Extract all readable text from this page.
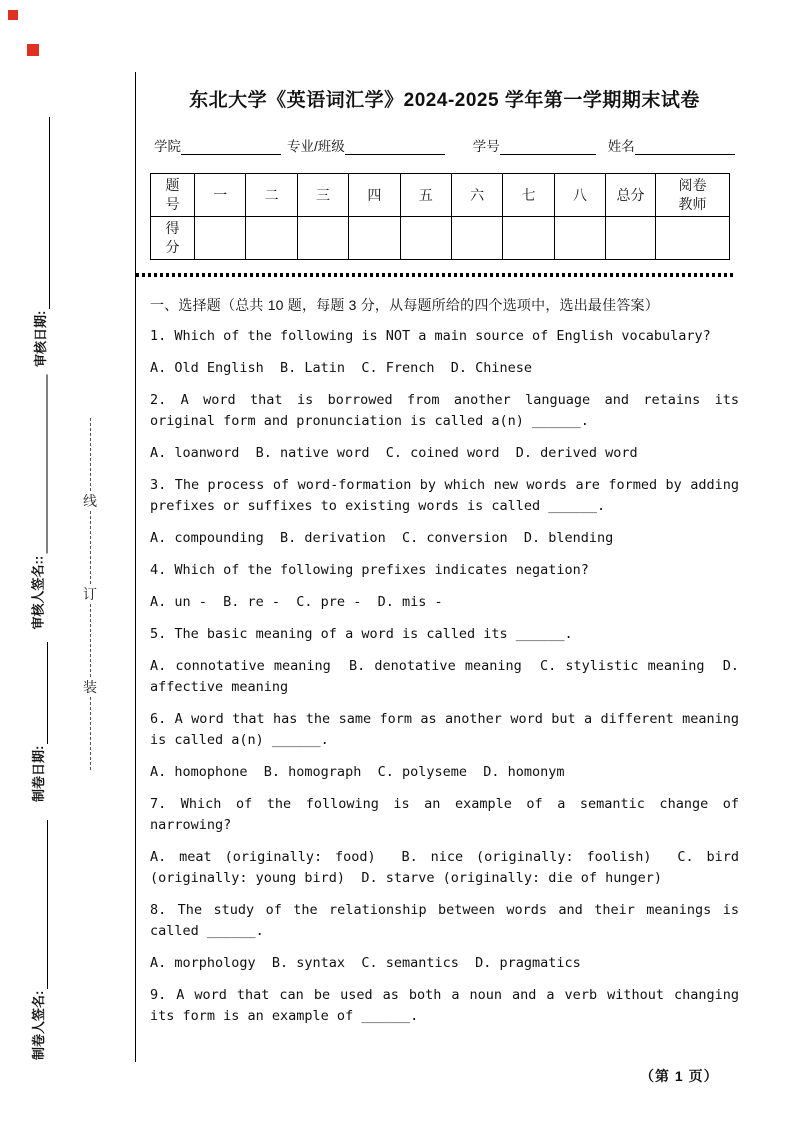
审核日期:
审核人签名::
制卷日期:
制卷人签名:
线
订
装
东北大学《英语词汇学》2024-2025 学年第一学期期末试卷
学院	专业/班级	学号	姓名
题号	一	二	三	四	五	六	七	八	总分	阅卷教师
得分										
一、选择题（总共 10 题，每题 3 分，从每题所给的四个选项中，选出最佳答案）

1. Which of the following is NOT a main source of English vocabulary?

A. Old English  B. Latin  C. French  D. Chinese

2. A word that is borrowed from another language and retains its original form and pronunciation is called a(n) ______.

A. loanword  B. native word  C. coined word  D. derived word

3. The process of word-formation by which new words are formed by adding prefixes or suffixes to existing words is called ______.

A. compounding  B. derivation  C. conversion  D. blending

4. Which of the following prefixes indicates negation?

A. un -  B. re -  C. pre -  D. mis -

5. The basic meaning of a word is called its ______.

A. connotative meaning  B. denotative meaning  C. stylistic meaning  D. affective meaning

6. A word that has the same form as another word but a different meaning is called a(n) ______.

A. homophone  B. homograph  C. polyseme  D. homonym

7. Which of the following is an example of a semantic change of narrowing?

A. meat (originally: food)  B. nice (originally: foolish)  C. bird (originally: young bird)  D. starve (originally: die of hunger)

8. The study of the relationship between words and their meanings is called ______.

A. morphology  B. syntax  C. semantics  D. pragmatics

9. A word that can be used as both a noun and a verb without changing its form is an example of ______.

（第 1 页）
